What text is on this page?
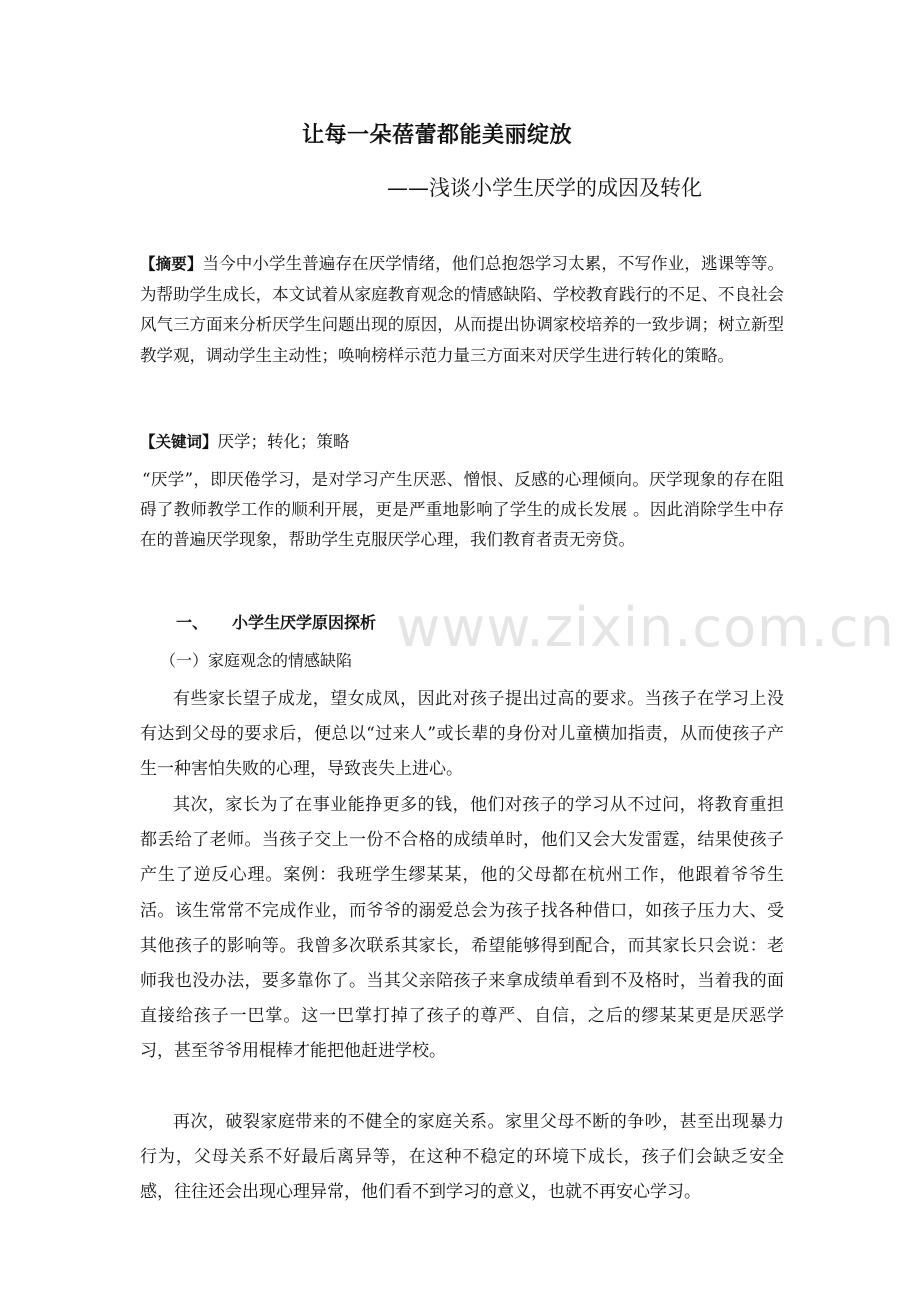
让每一朵蓓蕾都能美丽绽放
——浅谈小学生厌学的成因及转化

【摘要】当今中小学生普遍存在厌学情绪，他们总抱怨学习太累，不写作业，逃课等等。为帮助学生成长，本文试着从家庭教育观念的情感缺陷、学校教育践行的不足、不良社会风气三方面来分析厌学生问题出现的原因，从而提出协调家校培养的一致步调；树立新型教学观，调动学生主动性；唤响榜样示范力量三方面来对厌学生进行转化的策略。

【关键词】厌学；转化；策略

“厌学”，即厌倦学习，是对学习产生厌恶、憎恨、反感的心理倾向。厌学现象的存在阻碍了教师教学工作的顺利开展，更是严重地影响了学生的成长发展 。因此消除学生中存在的普遍厌学现象，帮助学生克服厌学心理，我们教育者责无旁贷。

一、 小学生厌学原因探析
（一）家庭观念的情感缺陷

有些家长望子成龙，望女成凤，因此对孩子提出过高的要求。当孩子在学习上没有达到父母的要求后，便总以“过来人”或长辈的身份对儿童横加指责，从而使孩子产生一种害怕失败的心理，导致丧失上进心。

其次，家长为了在事业能挣更多的钱，他们对孩子的学习从不过问，将教育重担都丢给了老师。当孩子交上一份不合格的成绩单时，他们又会大发雷霆，结果使孩子产生了逆反心理。案例：我班学生缪某某，他的父母都在杭州工作，他跟着爷爷生活。该生常常不完成作业，而爷爷的溺爱总会为孩子找各种借口，如孩子压力大、受其他孩子的影响等。我曾多次联系其家长，希望能够得到配合，而其家长只会说：老师我也没办法，要多靠你了。当其父亲陪孩子来拿成绩单看到不及格时，当着我的面直接给孩子一巴掌。这一巴掌打掉了孩子的尊严、自信，之后的缪某某更是厌恶学习，甚至爷爷用棍棒才能把他赶进学校。

再次，破裂家庭带来的不健全的家庭关系。家里父母不断的争吵，甚至出现暴力行为，父母关系不好最后离异等，在这种不稳定的环境下成长，孩子们会缺乏安全感，往往还会出现心理异常，他们看不到学习的意义，也就不再安心学习。

www.zixin.com.cn
